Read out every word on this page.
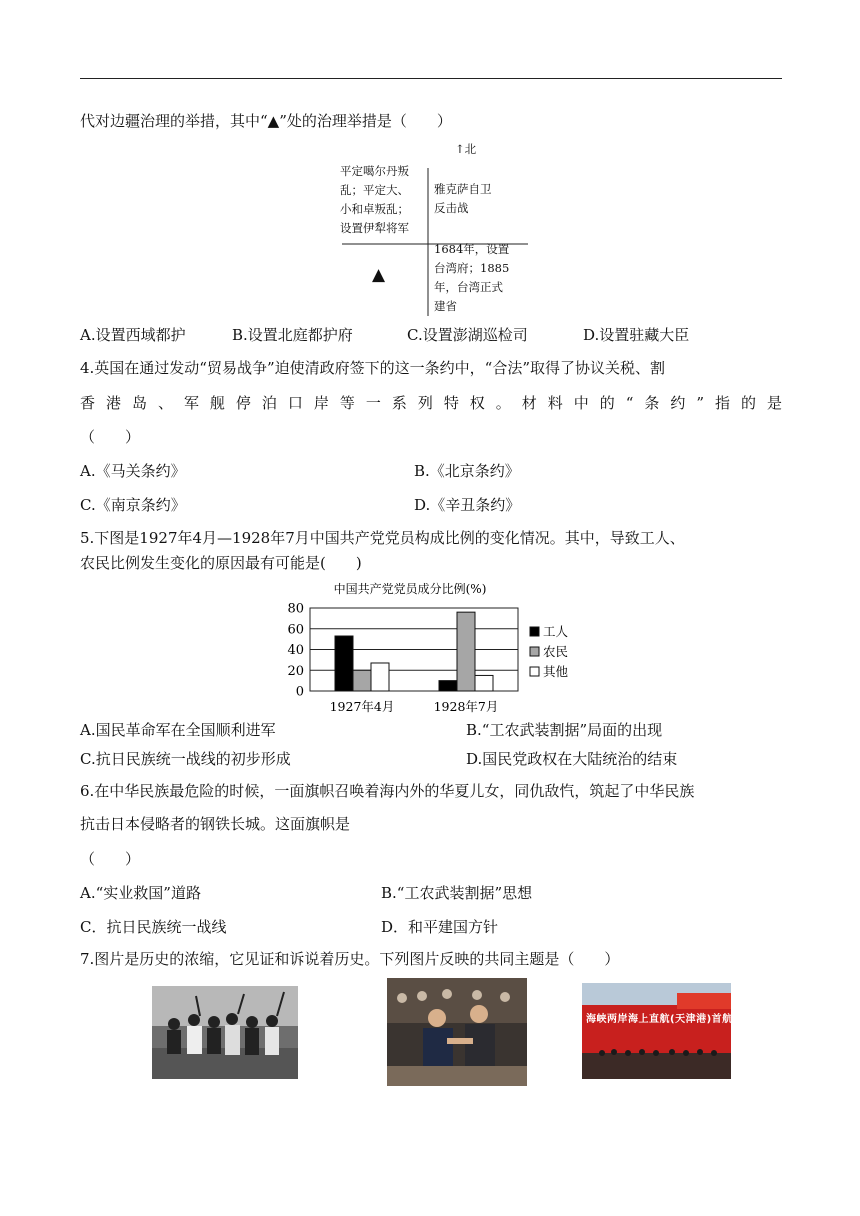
代对边疆治理的举措，其中“▲”处的治理举措是（　　）
↑北
平定噶尔丹叛
乱；平定大、
小和卓叛乱；
设置伊犁将军
雅克萨自卫
反击战
1684年，设置
台湾府；1885
年，台湾正式
建省
▲
A.设置西域都护	B.设置北庭都护府	C.设置澎湖巡检司	D.设置驻藏大臣
4.英国在通过发动“贸易战争”迫使清政府签下的这一条约中，“合法”取得了协议关税、割
香港岛、军舰停泊口岸等一系列特权。材料中的“条约”指的是
（　　）
A.《马关条约》	B.《北京条约》
C.《南京条约》	D.《辛丑条约》
5.下图是1927年4月—1928年7月中国共产党党员构成比例的变化情况。其中，导致工人、
农民比例发生变化的原因最有可能是(　　)
中国共产党党员成分比例(%)
0
20
40
60
80
1927年4月	1928年7月
工人
农民
其他
A.国民革命军在全国顺利进军	B.“工农武装割据”局面的出现
C.抗日民族统一战线的初步形成	D.国民党政权在大陆统治的结束
6.在中华民族最危险的时候，一面旗帜召唤着海内外的华夏儿女，同仇敌忾，筑起了中华民族
抗击日本侵略者的钢铁长城。这面旗帜是
（　　）
A.“实业救国”道路	B.“工农武装割据”思想
C．抗日民族统一战线	D．和平建国方针
7.图片是历史的浓缩，它见证和诉说着历史。下列图片反映的共同主题是（　　）
海峡两岸海上直航(天津港)首航仪式
